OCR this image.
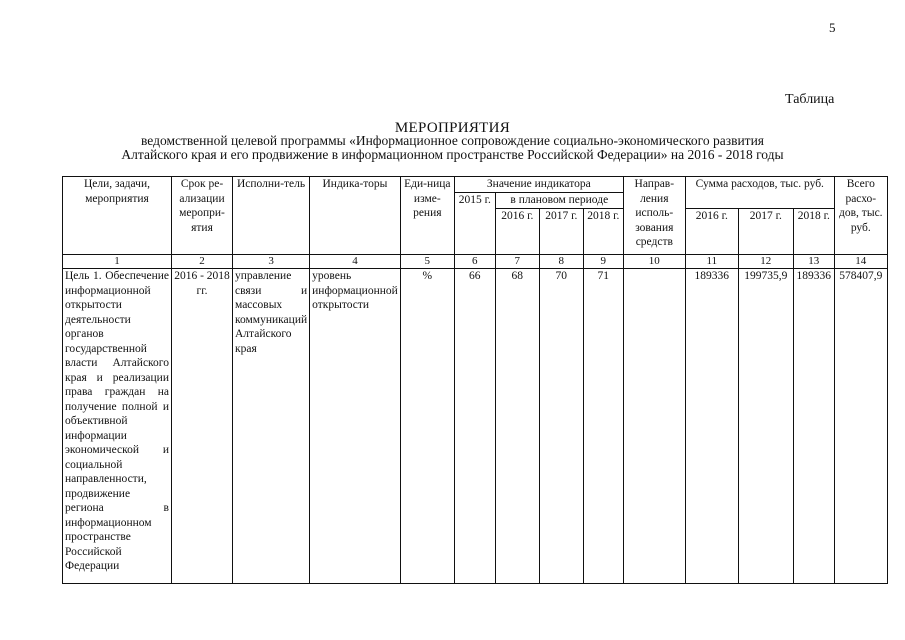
5
Таблица
МЕРОПРИЯТИЯ
ведомственной целевой программы «Информационное сопровождение социально-экономического развития
Алтайского края и его продвижение в информационном пространстве Российской Федерации» на 2016 - 2018 годы
Цели, задачи, мероприятия	Срок ре-ализации меропри-ятия	Исполни-тель	Индика-торы	Еди-ница изме-рения	Значение индикатора				Направ-ления исполь-зования средств	Сумма расходов, тыс. руб.			Всего расхо-дов, тыс. руб.
					2015 г.	в плановом периоде							
						2016 г.	2017 г.	2018 г.		2016 г.	2017 г.	2018 г.	
1	2	3	4	5	6	7	8	9	10	11	12	13	14
Цель 1. Обеспечение информационной открытости деятельности органов государственной власти Алтайского края и реализации права граждан на получение полной и объективной информации экономической и социальной направленности, продвижение региона в информационном пространстве Российской Федерации	2016 - 2018 гг.	управление связи и массовых коммуникаций Алтайского края	уровень информационной открытости	%	66	68	70	71		189336	199735,9	189336	578407,9
